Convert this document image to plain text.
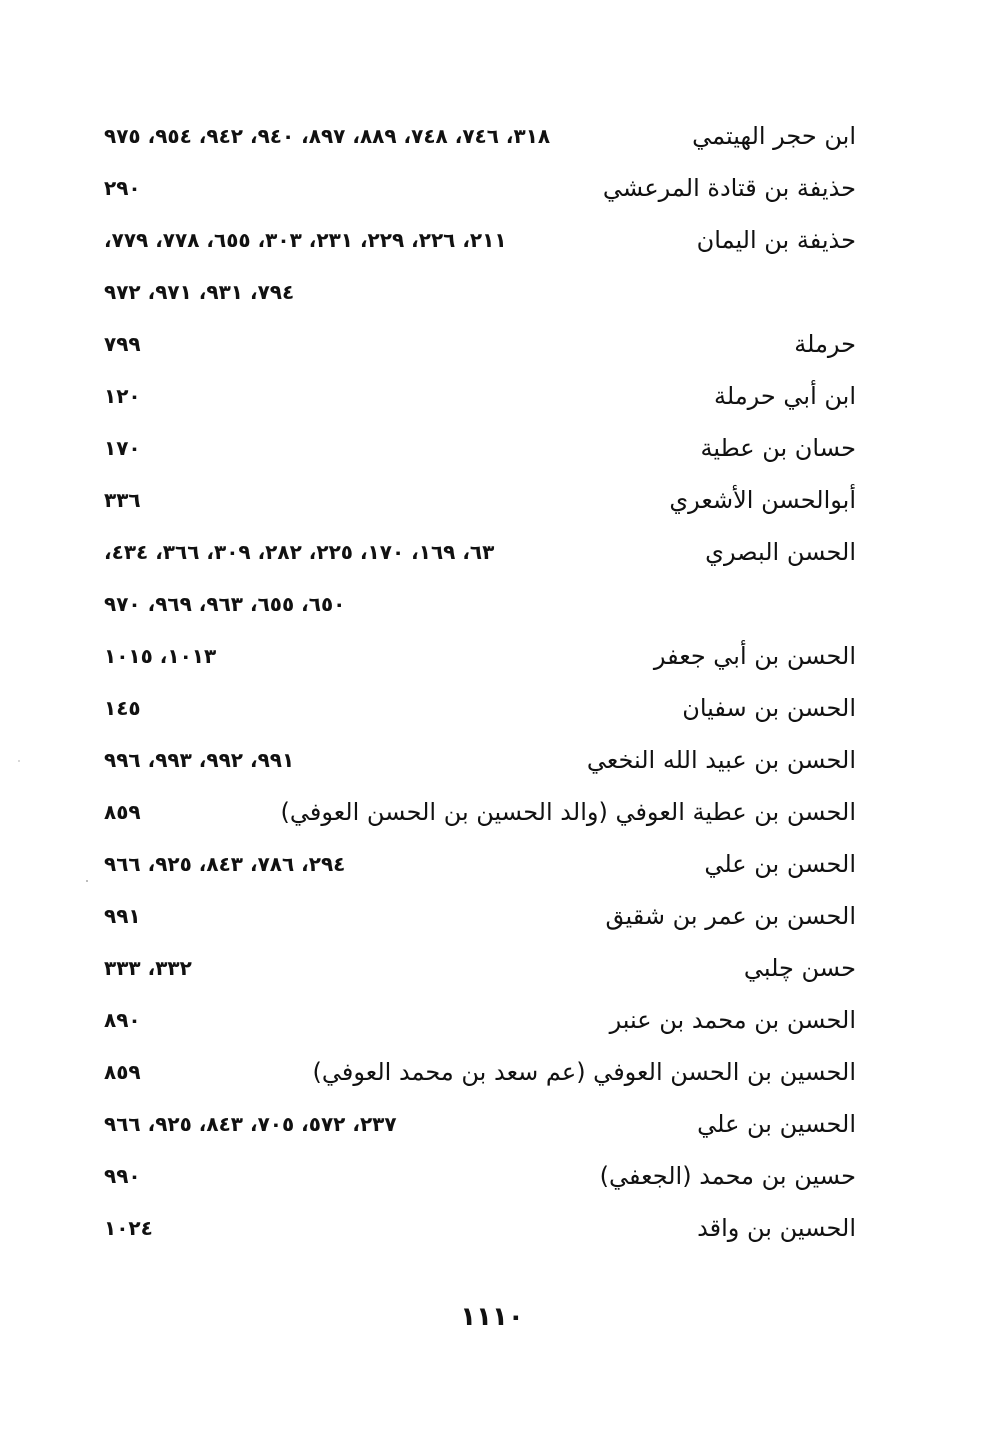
ابن حجر الهيتمي
٣١٨، ٧٤٦، ٧٤٨، ٨٨٩، ٨٩٧، ٩٤٠، ٩٤٢، ٩٥٤، ٩٧٥
حذيفة بن قتادة المرعشي
٢٩٠
حذيفة بن اليمان
٢١١، ٢٢٦، ٢٢٩، ٢٣١، ٣٠٣، ٦٥٥، ٧٧٨، ٧٧٩،
٧٩٤، ٩٣١، ٩٧١، ٩٧٢
حرملة
٧٩٩
ابن أبي حرملة
١٢٠
حسان بن عطية
١٧٠
أبوالحسن الأشعري
٣٣٦
الحسن البصري
٦٣، ١٦٩، ١٧٠، ٢٢٥، ٢٨٢، ٣٠٩، ٣٦٦، ٤٣٤،
٦٥٠، ٦٥٥، ٩٦٣، ٩٦٩، ٩٧٠
الحسن بن أبي جعفر
١٠١٣، ١٠١٥
الحسن بن سفيان
١٤٥
الحسن بن عبيد الله النخعي
٩٩١، ٩٩٢، ٩٩٣، ٩٩٦
الحسن بن عطية العوفي (والد الحسين بن الحسن العوفي)
٨٥٩
الحسن بن علي
٢٩٤، ٧٨٦، ٨٤٣، ٩٢٥، ٩٦٦
الحسن بن عمر بن شقيق
٩٩١
حسن چلبي
٣٣٢، ٣٣٣
الحسن بن محمد بن عنبر
٨٩٠
الحسين بن الحسن العوفي (عم سعد بن محمد العوفي)
٨٥٩
الحسين بن علي
٢٣٧، ٥٧٢، ٧٠٥، ٨٤٣، ٩٢٥، ٩٦٦
حسين بن محمد (الجعفي)
٩٩٠
الحسين بن واقد
١٠٢٤
١١١٠
